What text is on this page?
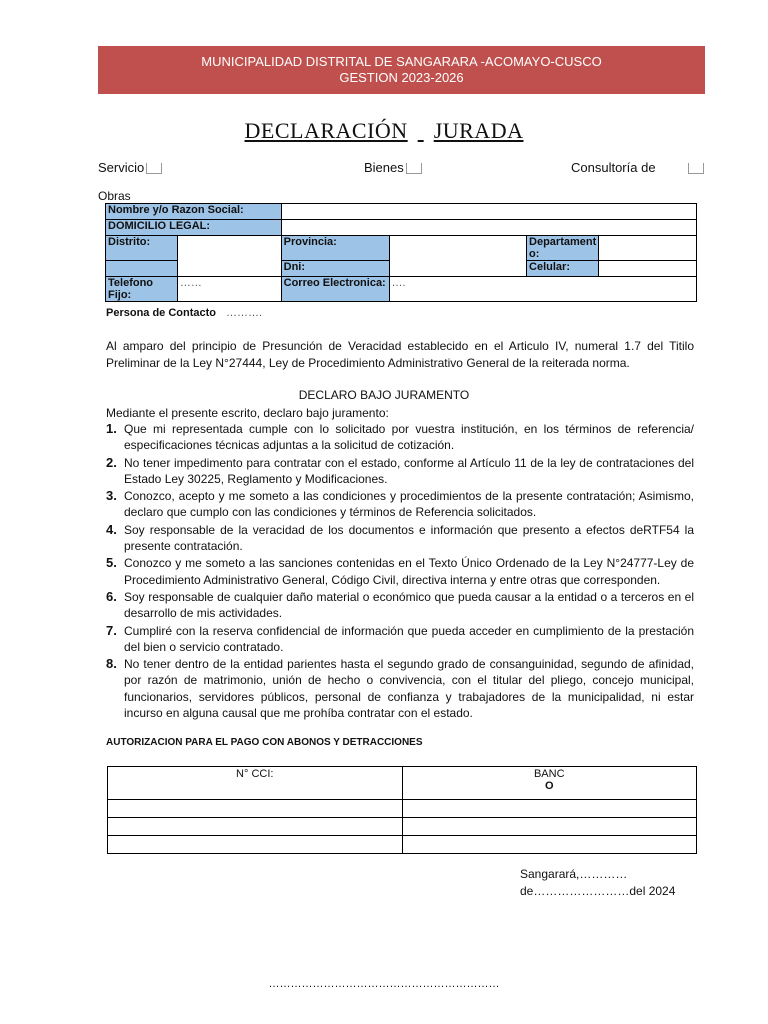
MUNICIPALIDAD DISTRITAL DE SANGARARA -ACOMAYO-CUSCO
GESTION 2023-2026
DECLARACIÓN JURADA
Servicio	Bienes	Consultoría de
Obras
Nombre y/o Razon Social:					
DOMICILIO LEGAL:					
Distrito:		Provincia:		Departament o:	
		Dni:		Celular:	
Telefono Fijo:	……	Correo Electronica:	….		
Persona de Contacto ……….
Al amparo del principio de Presunción de Veracidad establecido en el Articulo IV, numeral 1.7 del Titilo Preliminar de la Ley N°27444, Ley de Procedimiento Administrativo General de la reiterada norma.
DECLARO BAJO JURAMENTO
Mediante el presente escrito, declaro bajo juramento:
1. Que mi representada cumple con lo solicitado por vuestra institución, en los términos de referencia/ especificaciones técnicas adjuntas a la solicitud de cotización.
2. No tener impedimento para contratar con el estado, conforme al Artículo 11 de la ley de contrataciones del Estado Ley 30225, Reglamento y Modificaciones.
3. Conozco, acepto y me someto a las condiciones y procedimientos de la presente contratación; Asimismo, declaro que cumplo con las condiciones y términos de Referencia solicitados.
4. Soy responsable de la veracidad de los documentos e información que presento a efectos deRTF54 la presente contratación.
5. Conozco y me someto a las sanciones contenidas en el Texto Único Ordenado de la Ley N°24777-Ley de Procedimiento Administrativo General, Código Civil, directiva interna y entre otras que corresponden.
6. Soy responsable de cualquier daño material o económico que pueda causar a la entidad o a terceros en el desarrollo de mis actividades.
7. Cumpliré con la reserva confidencial de información que pueda acceder en cumplimiento de la prestación del bien o servicio contratado.
8. No tener dentro de la entidad parientes hasta el segundo grado de consanguinidad, segundo de afinidad, por razón de matrimonio, unión de hecho o convivencia, con el titular del pliego, concejo municipal, funcionarios, servidores públicos, personal de confianza y trabajadores de la municipalidad, ni estar incurso en alguna causal que me prohíba contratar con el estado.
AUTORIZACION PARA EL PAGO CON ABONOS Y DETRACCIONES
N° CCI:	BANC
O

Sangarará,…………
de……………………del 2024
………………………………………………………
